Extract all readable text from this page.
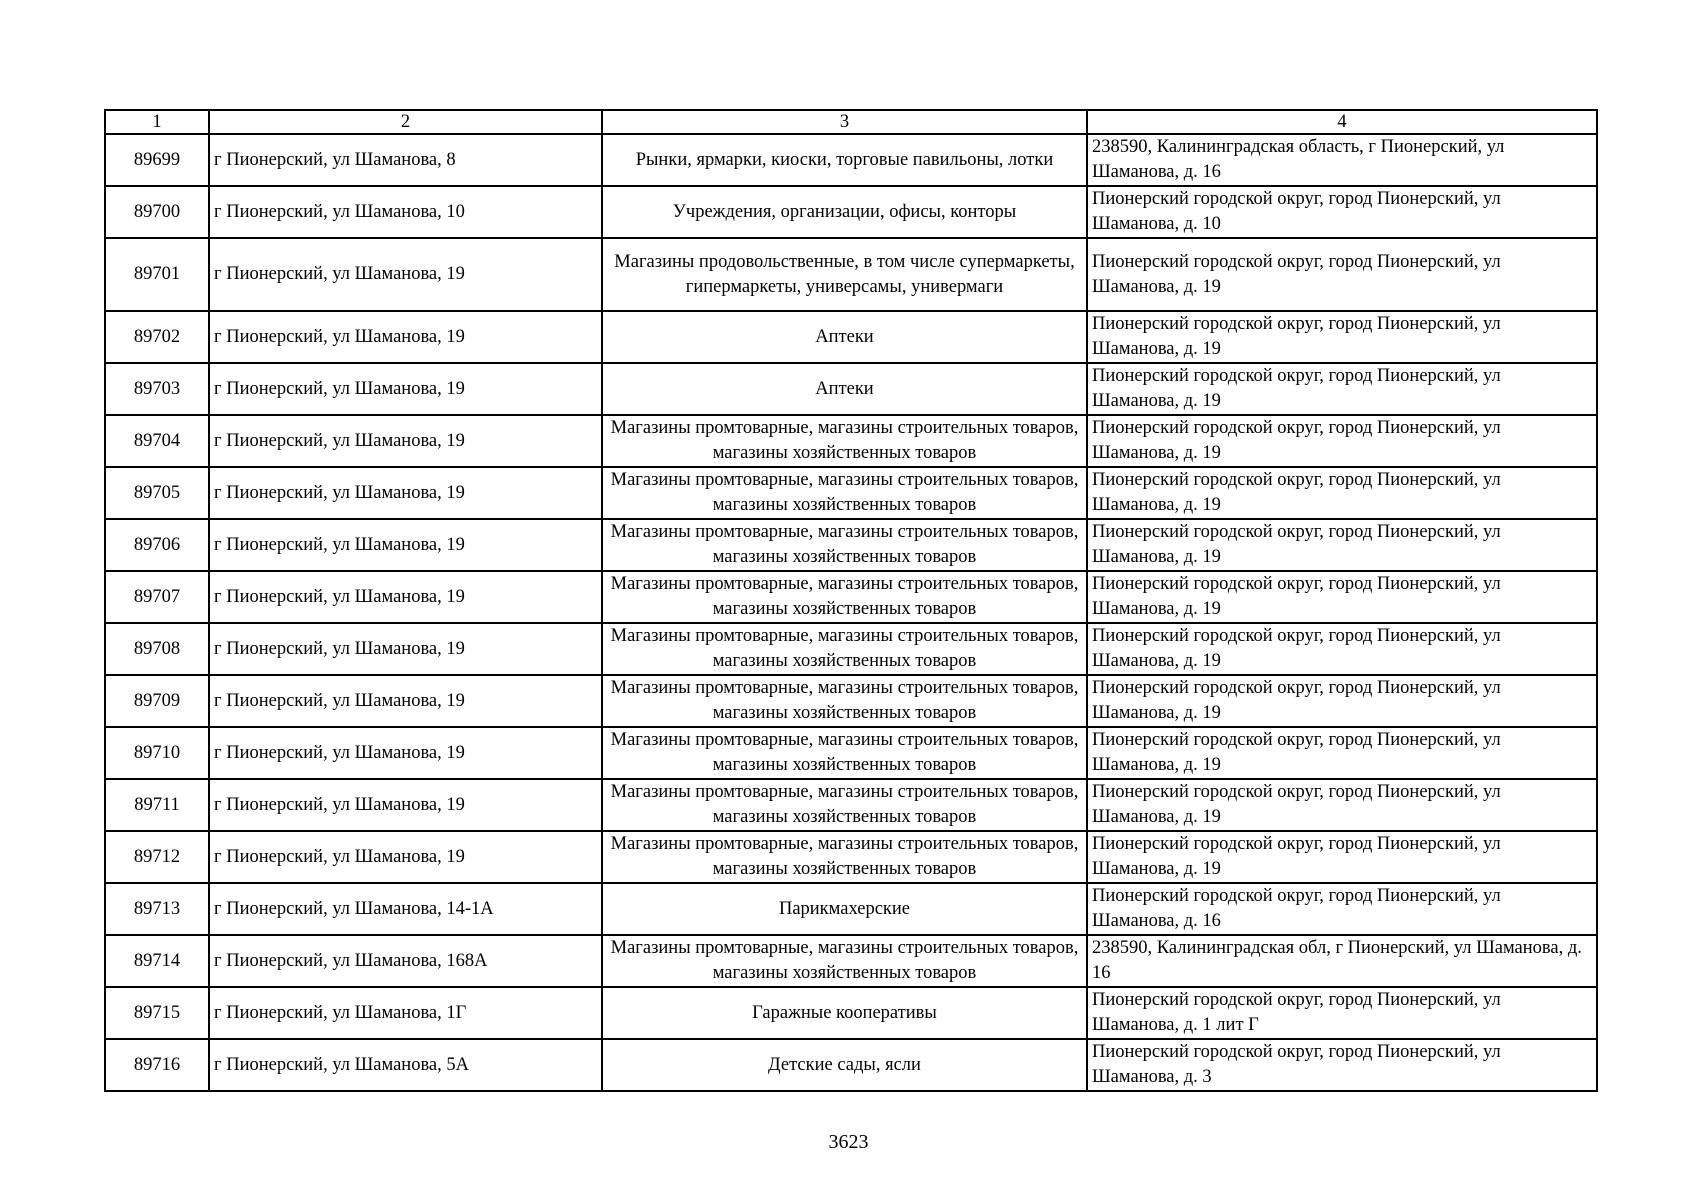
1	2	3	4
89699	г Пионерский, ул Шаманова, 8	Рынки, ярмарки, киоски, торговые павильоны, лотки	238590, Калининградская область, г Пионерский, ул Шаманова, д. 16
89700	г Пионерский, ул Шаманова, 10	Учреждения, организации, офисы, конторы	Пионерский городской округ, город Пионерский, ул Шаманова, д. 10
89701	г Пионерский, ул Шаманова, 19	Магазины продовольственные, в том числе супермаркеты, гипермаркеты, универсамы, универмаги	Пионерский городской округ, город Пионерский, ул Шаманова, д. 19
89702	г Пионерский, ул Шаманова, 19	Аптеки	Пионерский городской округ, город Пионерский, ул Шаманова, д. 19
89703	г Пионерский, ул Шаманова, 19	Аптеки	Пионерский городской округ, город Пионерский, ул Шаманова, д. 19
89704	г Пионерский, ул Шаманова, 19	Магазины промтоварные, магазины строительных товаров, магазины хозяйственных товаров	Пионерский городской округ, город Пионерский, ул Шаманова, д. 19
89705	г Пионерский, ул Шаманова, 19	Магазины промтоварные, магазины строительных товаров, магазины хозяйственных товаров	Пионерский городской округ, город Пионерский, ул Шаманова, д. 19
89706	г Пионерский, ул Шаманова, 19	Магазины промтоварные, магазины строительных товаров, магазины хозяйственных товаров	Пионерский городской округ, город Пионерский, ул Шаманова, д. 19
89707	г Пионерский, ул Шаманова, 19	Магазины промтоварные, магазины строительных товаров, магазины хозяйственных товаров	Пионерский городской округ, город Пионерский, ул Шаманова, д. 19
89708	г Пионерский, ул Шаманова, 19	Магазины промтоварные, магазины строительных товаров, магазины хозяйственных товаров	Пионерский городской округ, город Пионерский, ул Шаманова, д. 19
89709	г Пионерский, ул Шаманова, 19	Магазины промтоварные, магазины строительных товаров, магазины хозяйственных товаров	Пионерский городской округ, город Пионерский, ул Шаманова, д. 19
89710	г Пионерский, ул Шаманова, 19	Магазины промтоварные, магазины строительных товаров, магазины хозяйственных товаров	Пионерский городской округ, город Пионерский, ул Шаманова, д. 19
89711	г Пионерский, ул Шаманова, 19	Магазины промтоварные, магазины строительных товаров, магазины хозяйственных товаров	Пионерский городской округ, город Пионерский, ул Шаманова, д. 19
89712	г Пионерский, ул Шаманова, 19	Магазины промтоварные, магазины строительных товаров, магазины хозяйственных товаров	Пионерский городской округ, город Пионерский, ул Шаманова, д. 19
89713	г Пионерский, ул Шаманова, 14-1А	Парикмахерские	Пионерский городской округ, город Пионерский, ул Шаманова, д. 16
89714	г Пионерский, ул Шаманова, 168А	Магазины промтоварные, магазины строительных товаров, магазины хозяйственных товаров	238590, Калининградская обл, г Пионерский, ул Шаманова, д. 16
89715	г Пионерский, ул Шаманова, 1Г	Гаражные кооперативы	Пионерский городской округ, город Пионерский, ул Шаманова, д. 1 лит Г
89716	г Пионерский, ул Шаманова, 5А	Детские сады, ясли	Пионерский городской округ, город Пионерский, ул Шаманова, д. 3
3623
